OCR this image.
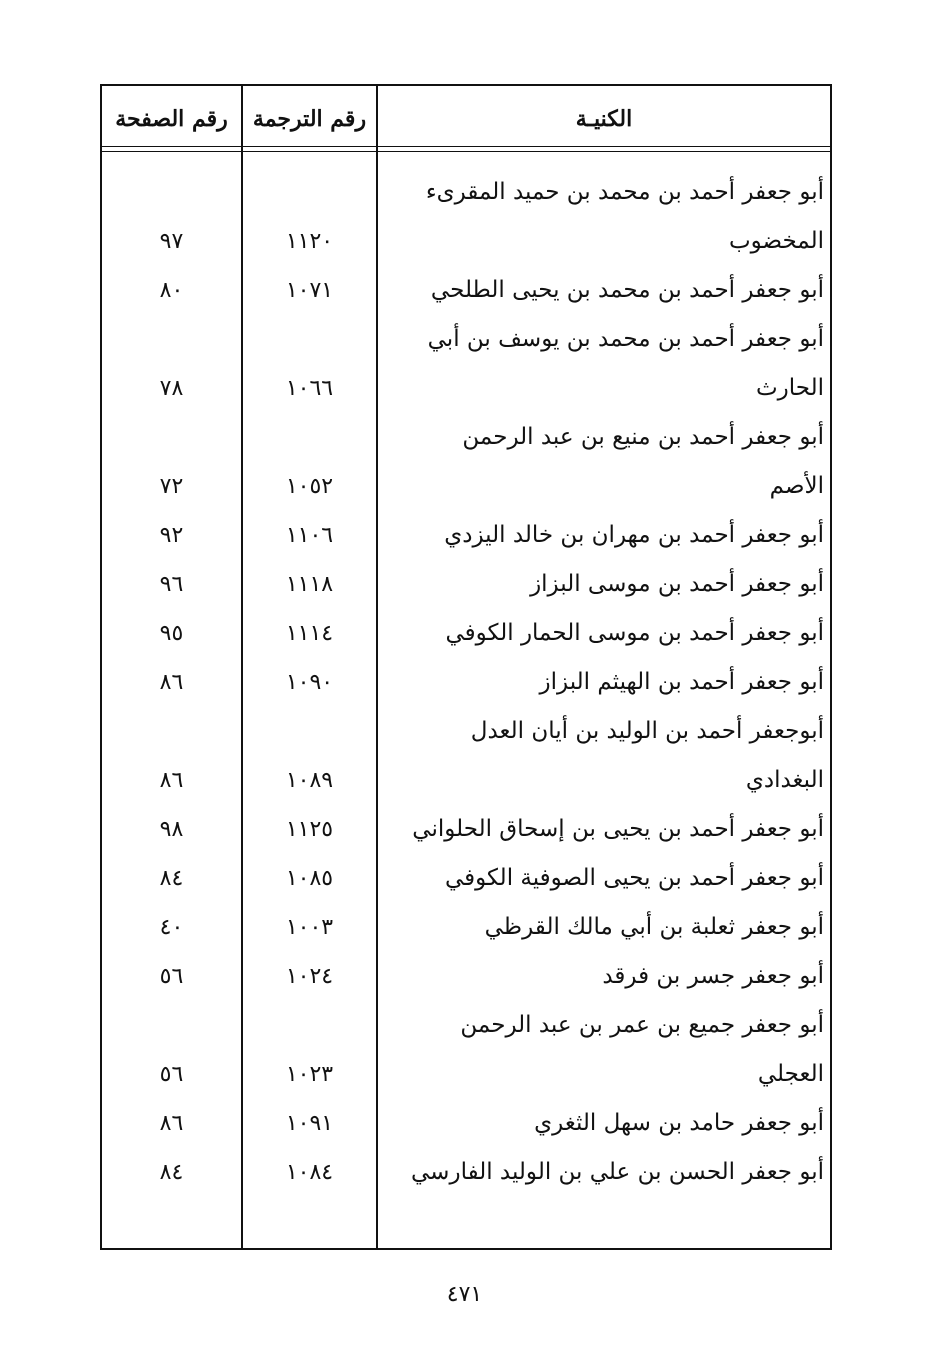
رقم الصفحة	رقم الترجمة	الكنيـة
أبو جعفر أحمد بن محمد بن حميد المقرىء
المخضوب
١١٢٠
٩٧
أبو جعفر أحمد بن محمد بن يحيى الطلحي
١٠٧١
٨٠
أبو جعفر أحمد بن محمد بن يوسف بن أبي
الحارث
١٠٦٦
٧٨
أبو جعفر أحمد بن منيع بن عبد الرحمن
الأصم
١٠٥٢
٧٢
أبو جعفر أحمد بن مهران بن خالد اليزدي
١١٠٦
٩٢
أبو جعفر أحمد بن موسى البزاز
١١١٨
٩٦
أبو جعفر أحمد بن موسى الحمار الكوفي
١١١٤
٩٥
أبو جعفر أحمد بن الهيثم البزاز
١٠٩٠
٨٦
أبوجعفر أحمد بن الوليد بن أيان العدل
البغدادي
١٠٨٩
٨٦
أبو جعفر أحمد بن يحيى بن إسحاق الحلواني
١١٢٥
٩٨
أبو جعفر أحمد بن يحيى الصوفية الكوفي
١٠٨٥
٨٤
أبو جعفر ثعلبة بن أبي مالك القرظي
١٠٠٣
٤٠
أبو جعفر جسر بن فرقد
١٠٢٤
٥٦
أبو جعفر جميع بن عمر بن عبد الرحمن
العجلي
١٠٢٣
٥٦
أبو جعفر حامد بن سهل الثغري
١٠٩١
٨٦
أبو جعفر الحسن بن علي بن الوليد الفارسي
١٠٨٤
٨٤
٤٧١
